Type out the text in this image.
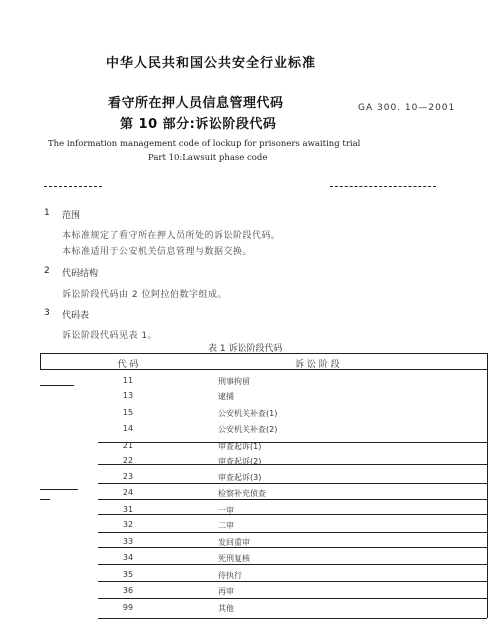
中华人民共和国公共安全行业标准
看守所在押人员信息管理代码	GA 300. 10—2001
第 10 部分:诉讼阶段代码
The information management code of lockup for prisoners awaiting trial
Part 10:Lawsuit phase code
1 范围
本标准规定了看守所在押人员所处的诉讼阶段代码。
本标准适用于公安机关信息管理与数据交换。
2 代码结构
诉讼阶段代码由 2 位阿拉伯数字组成。
3 代码表
诉讼阶段代码见表 1。
表 1 诉讼阶段代码
代 码	诉 讼 阶 段
11	刑事拘留
13	逮捕
15	公安机关补查(1)
14	公安机关补查(2)
21	审查起诉(1)
22	审查起诉(2)
23	审查起诉(3)
24	检察补充侦查
31	一审
32	二审
33	发回重审
34	死刑复核
35	待执行
36	再审
99	其他
